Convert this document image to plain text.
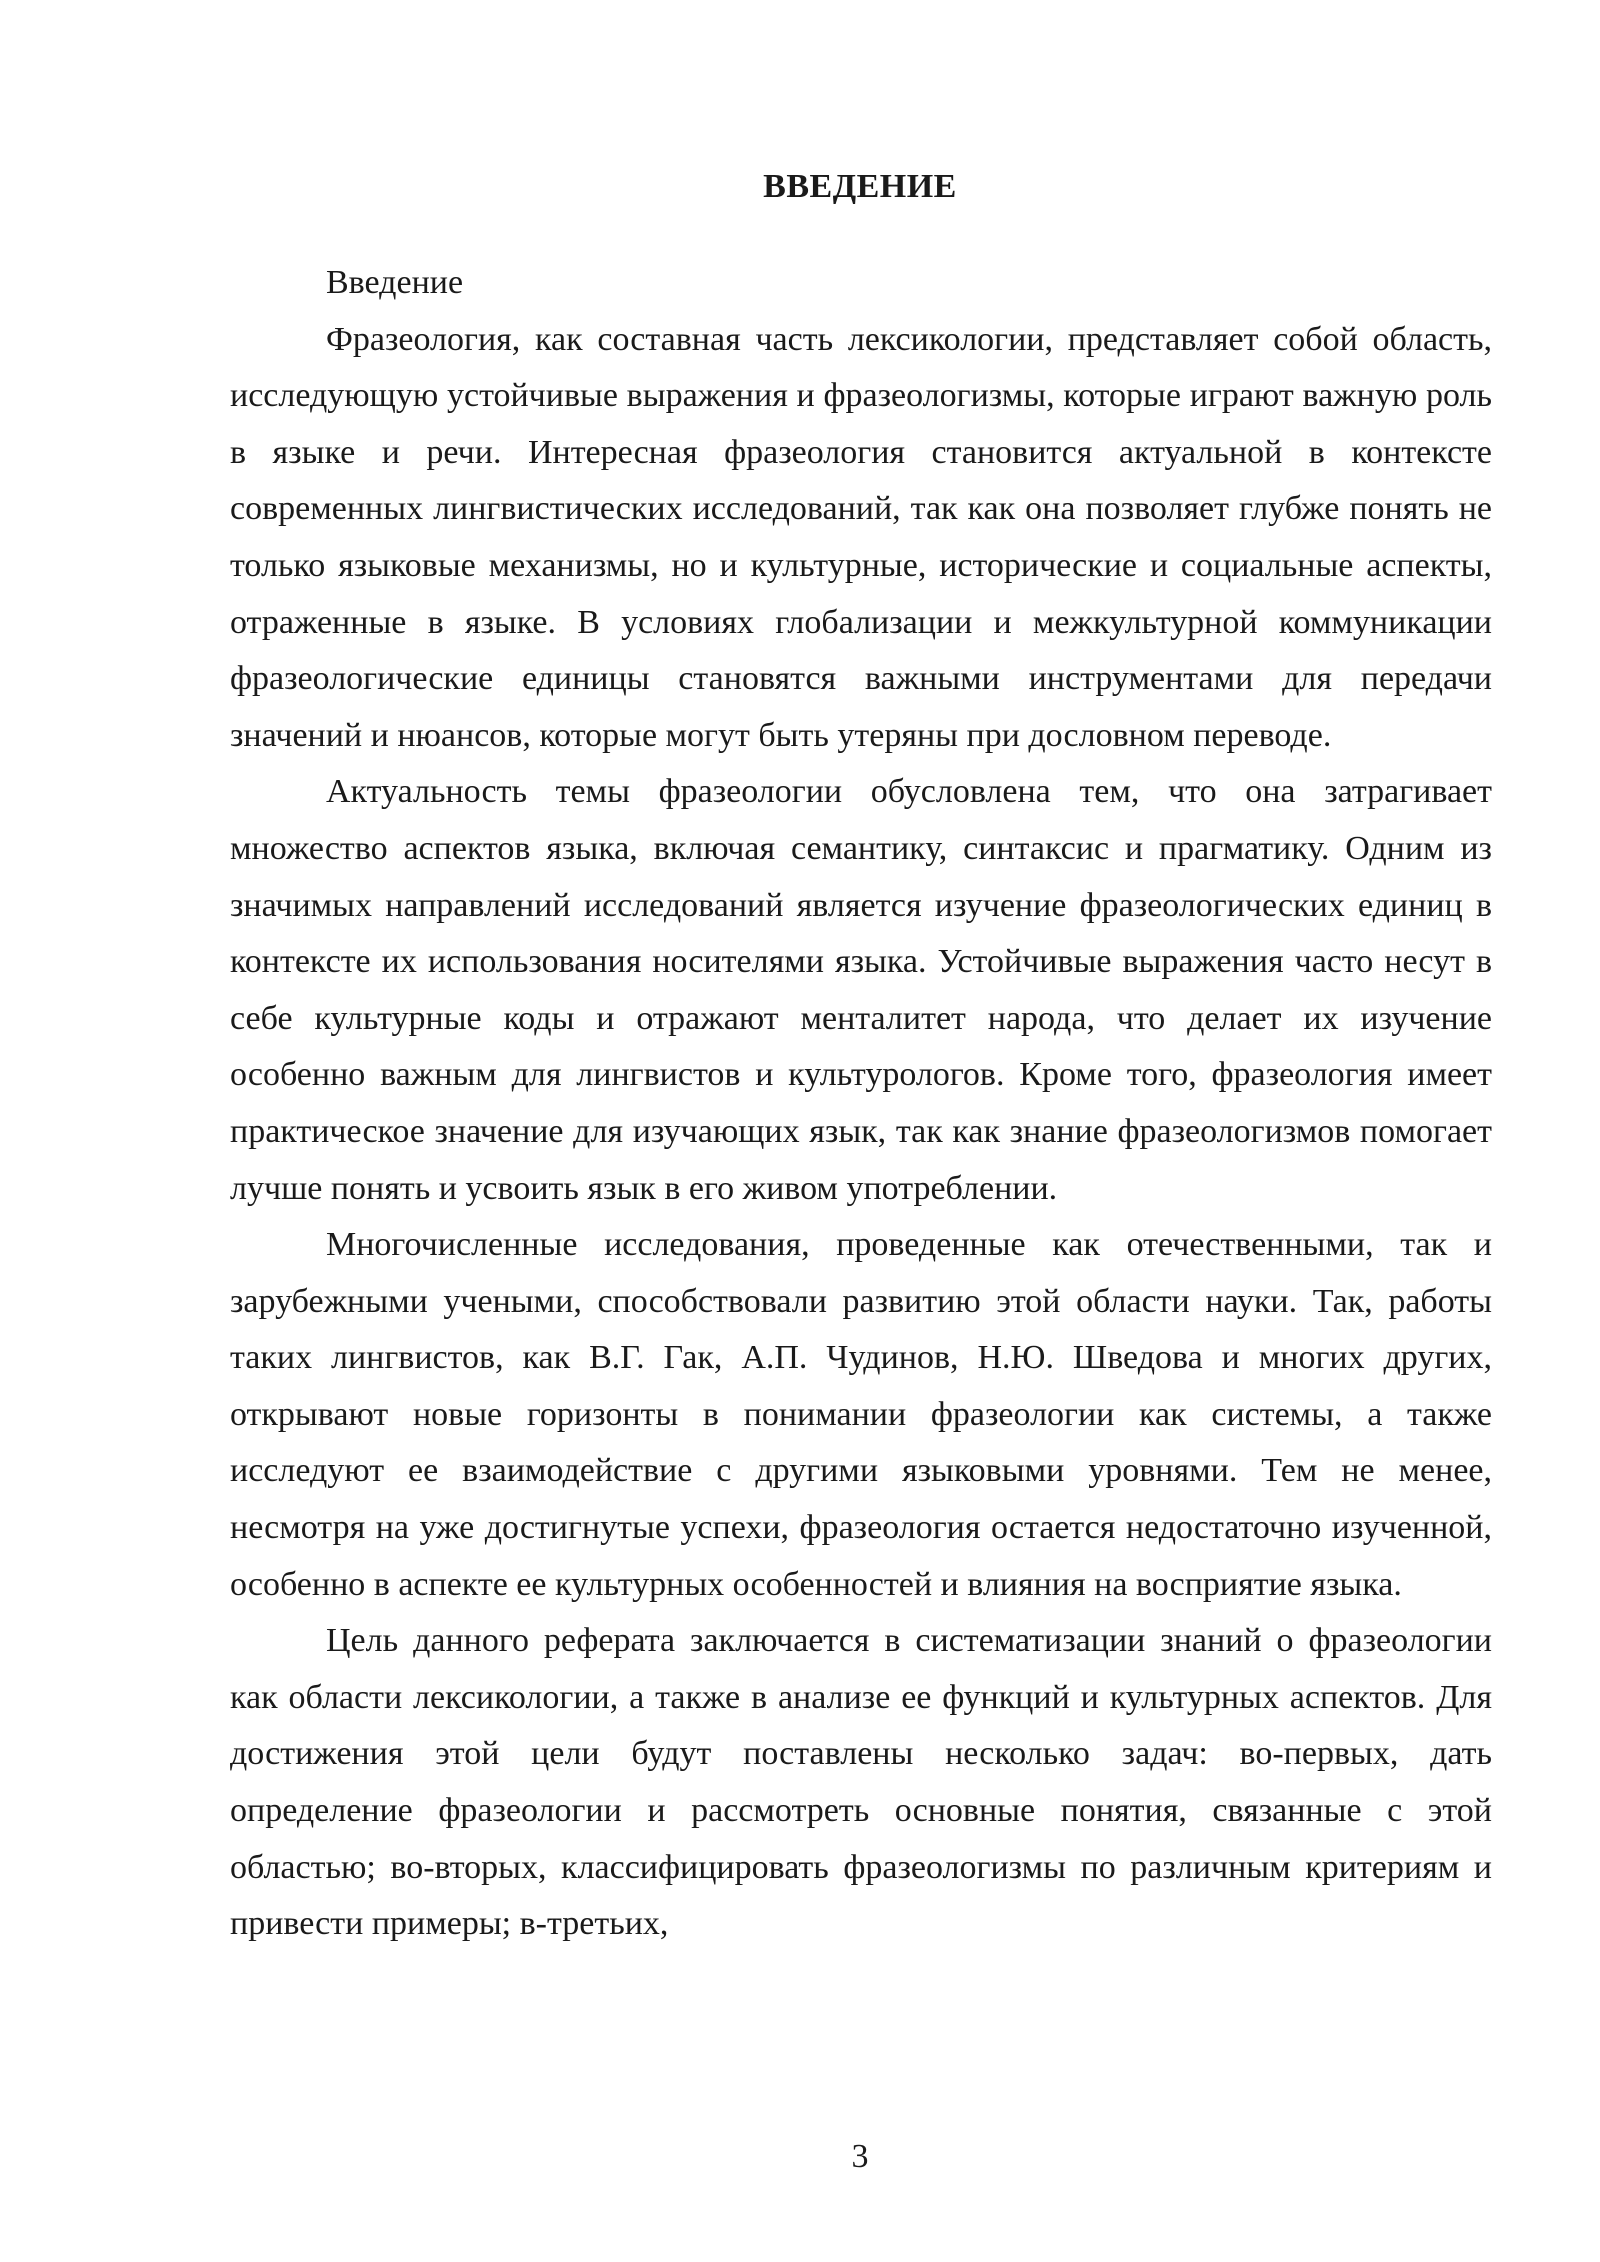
ВВЕДЕНИЕ

Введение

Фразеология, как составная часть лексикологии, представляет собой область, исследующую устойчивые выражения и фразеологизмы, которые играют важную роль в языке и речи. Интересная фразеология становится актуальной в контексте современных лингвистических исследований, так как она позволяет глубже понять не только языковые механизмы, но и культурные, исторические и социальные аспекты, отраженные в языке. В условиях глобализации и межкультурной коммуникации фразеологические единицы становятся важными инструментами для передачи значений и нюансов, которые могут быть утеряны при дословном переводе.

Актуальность темы фразеологии обусловлена тем, что она затрагивает множество аспектов языка, включая семантику, синтаксис и прагматику. Одним из значимых направлений исследований является изучение фразеологических единиц в контексте их использования носителями языка. Устойчивые выражения часто несут в себе культурные коды и отражают менталитет народа, что делает их изучение особенно важным для лингвистов и культурологов. Кроме того, фразеология имеет практическое значение для изучающих язык, так как знание фразеологизмов помогает лучше понять и усвоить язык в его живом употреблении.

Многочисленные исследования, проведенные как отечественными, так и зарубежными учеными, способствовали развитию этой области науки. Так, работы таких лингвистов, как В.Г. Гак, А.П. Чудинов, Н.Ю. Шведова и многих других, открывают новые горизонты в понимании фразеологии как системы, а также исследуют ее взаимодействие с другими языковыми уровнями. Тем не менее, несмотря на уже достигнутые успехи, фразеология остается недостаточно изученной, особенно в аспекте ее культурных особенностей и влияния на восприятие языка.

Цель данного реферата заключается в систематизации знаний о фразеологии как области лексикологии, а также в анализе ее функций и культурных аспектов. Для достижения этой цели будут поставлены несколько задач: во-первых, дать определение фразеологии и рассмотреть основные понятия, связанные с этой областью; во-вторых, классифицировать фразеологизмы по различным критериям и привести примеры; в-третьих,

3
